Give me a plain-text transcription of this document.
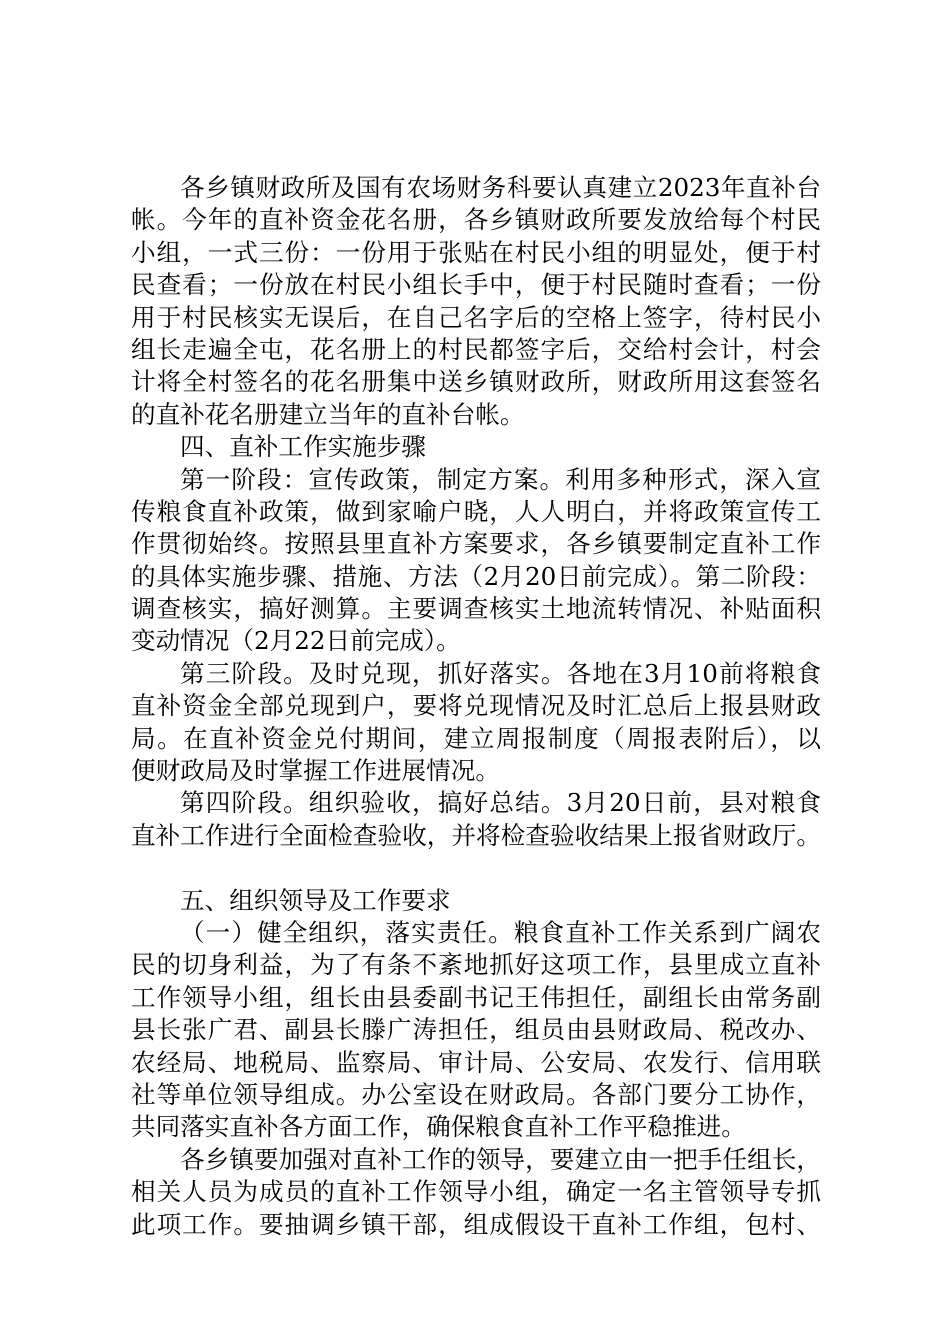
各乡镇财政所及国有农场财务科要认真建立2023年直补台
帐。今年的直补资金花名册，各乡镇财政所要发放给每个村民
小组，一式三份：一份用于张贴在村民小组的明显处，便于村
民查看；一份放在村民小组长手中，便于村民随时查看；一份
用于村民核实无误后，在自己名字后的空格上签字，待村民小
组长走遍全屯，花名册上的村民都签字后，交给村会计，村会
计将全村签名的花名册集中送乡镇财政所，财政所用这套签名
的直补花名册建立当年的直补台帐。
四、直补工作实施步骤
第一阶段：宣传政策，制定方案。利用多种形式，深入宣
传粮食直补政策，做到家喻户晓，人人明白，并将政策宣传工
作贯彻始终。按照县里直补方案要求，各乡镇要制定直补工作
的具体实施步骤、措施、方法（2月20日前完成）。第二阶段：
调查核实，搞好测算。主要调查核实土地流转情况、补贴面积
变动情况（2月22日前完成）。
第三阶段。及时兑现，抓好落实。各地在3月10前将粮食
直补资金全部兑现到户，要将兑现情况及时汇总后上报县财政
局。在直补资金兑付期间，建立周报制度（周报表附后），以
便财政局及时掌握工作进展情况。
第四阶段。组织验收，搞好总结。3月20日前，县对粮食
直补工作进行全面检查验收，并将检查验收结果上报省财政厅。
五、组织领导及工作要求
（一）健全组织，落实责任。粮食直补工作关系到广阔农
民的切身利益，为了有条不紊地抓好这项工作，县里成立直补
工作领导小组，组长由县委副书记王伟担任，副组长由常务副
县长张广君、副县长滕广涛担任，组员由县财政局、税改办、
农经局、地税局、监察局、审计局、公安局、农发行、信用联
社等单位领导组成。办公室设在财政局。各部门要分工协作，
共同落实直补各方面工作，确保粮食直补工作平稳推进。
各乡镇要加强对直补工作的领导，要建立由一把手任组长，
相关人员为成员的直补工作领导小组，确定一名主管领导专抓
此项工作。要抽调乡镇干部，组成假设干直补工作组，包村、
